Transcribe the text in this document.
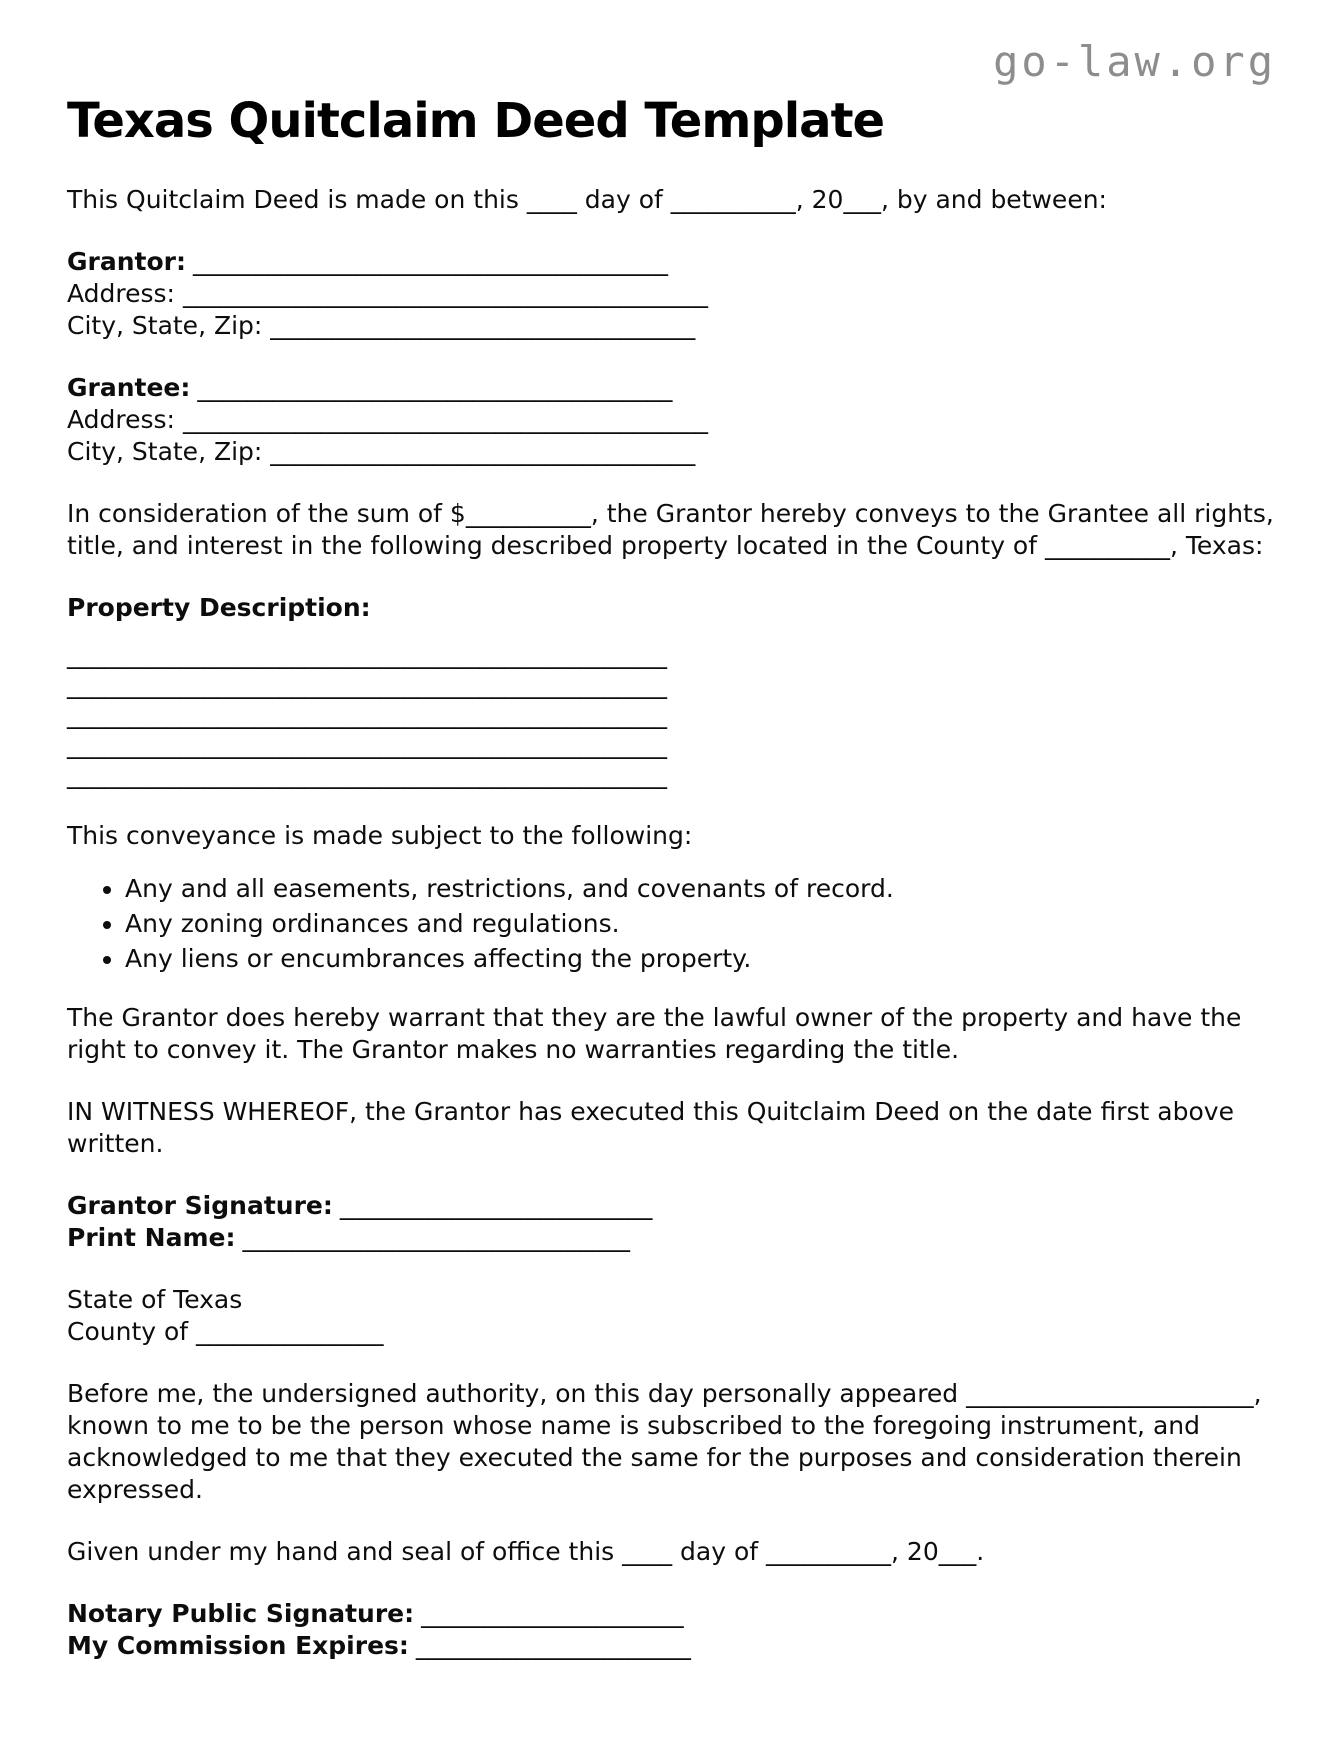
go-law.org
Texas Quitclaim Deed Template

This Quitclaim Deed is made on this ____ day of __________, 20___, by and between:

Grantor: ______________________________________
Address: __________________________________________
City, State, Zip: __________________________________
Grantee: ______________________________________
Address: __________________________________________
City, State, Zip: __________________________________

In consideration of the sum of $__________, the Grantor hereby conveys to the Grantee all rights, title, and interest in the following described property located in the County of __________, Texas:

Property Description:

________________________________________________
________________________________________________
________________________________________________
________________________________________________
________________________________________________

This conveyance is made subject to the following:

• Any and all easements, restrictions, and covenants of record.
• Any zoning ordinances and regulations.
• Any liens or encumbrances affecting the property.

The Grantor does hereby warrant that they are the lawful owner of the property and have the right to convey it. The Grantor makes no warranties regarding the title.

IN WITNESS WHEREOF, the Grantor has executed this Quitclaim Deed on the date first above written.

Grantor Signature: _________________________
Print Name: _______________________________
State of Texas
County of _______________

Before me, the undersigned authority, on this day personally appeared _______________________, known to me to be the person whose name is subscribed to the foregoing instrument, and acknowledged to me that they executed the same for the purposes and consideration therein expressed.

Given under my hand and seal of office this ____ day of __________, 20___.

Notary Public Signature: _____________________
My Commission Expires: ______________________
